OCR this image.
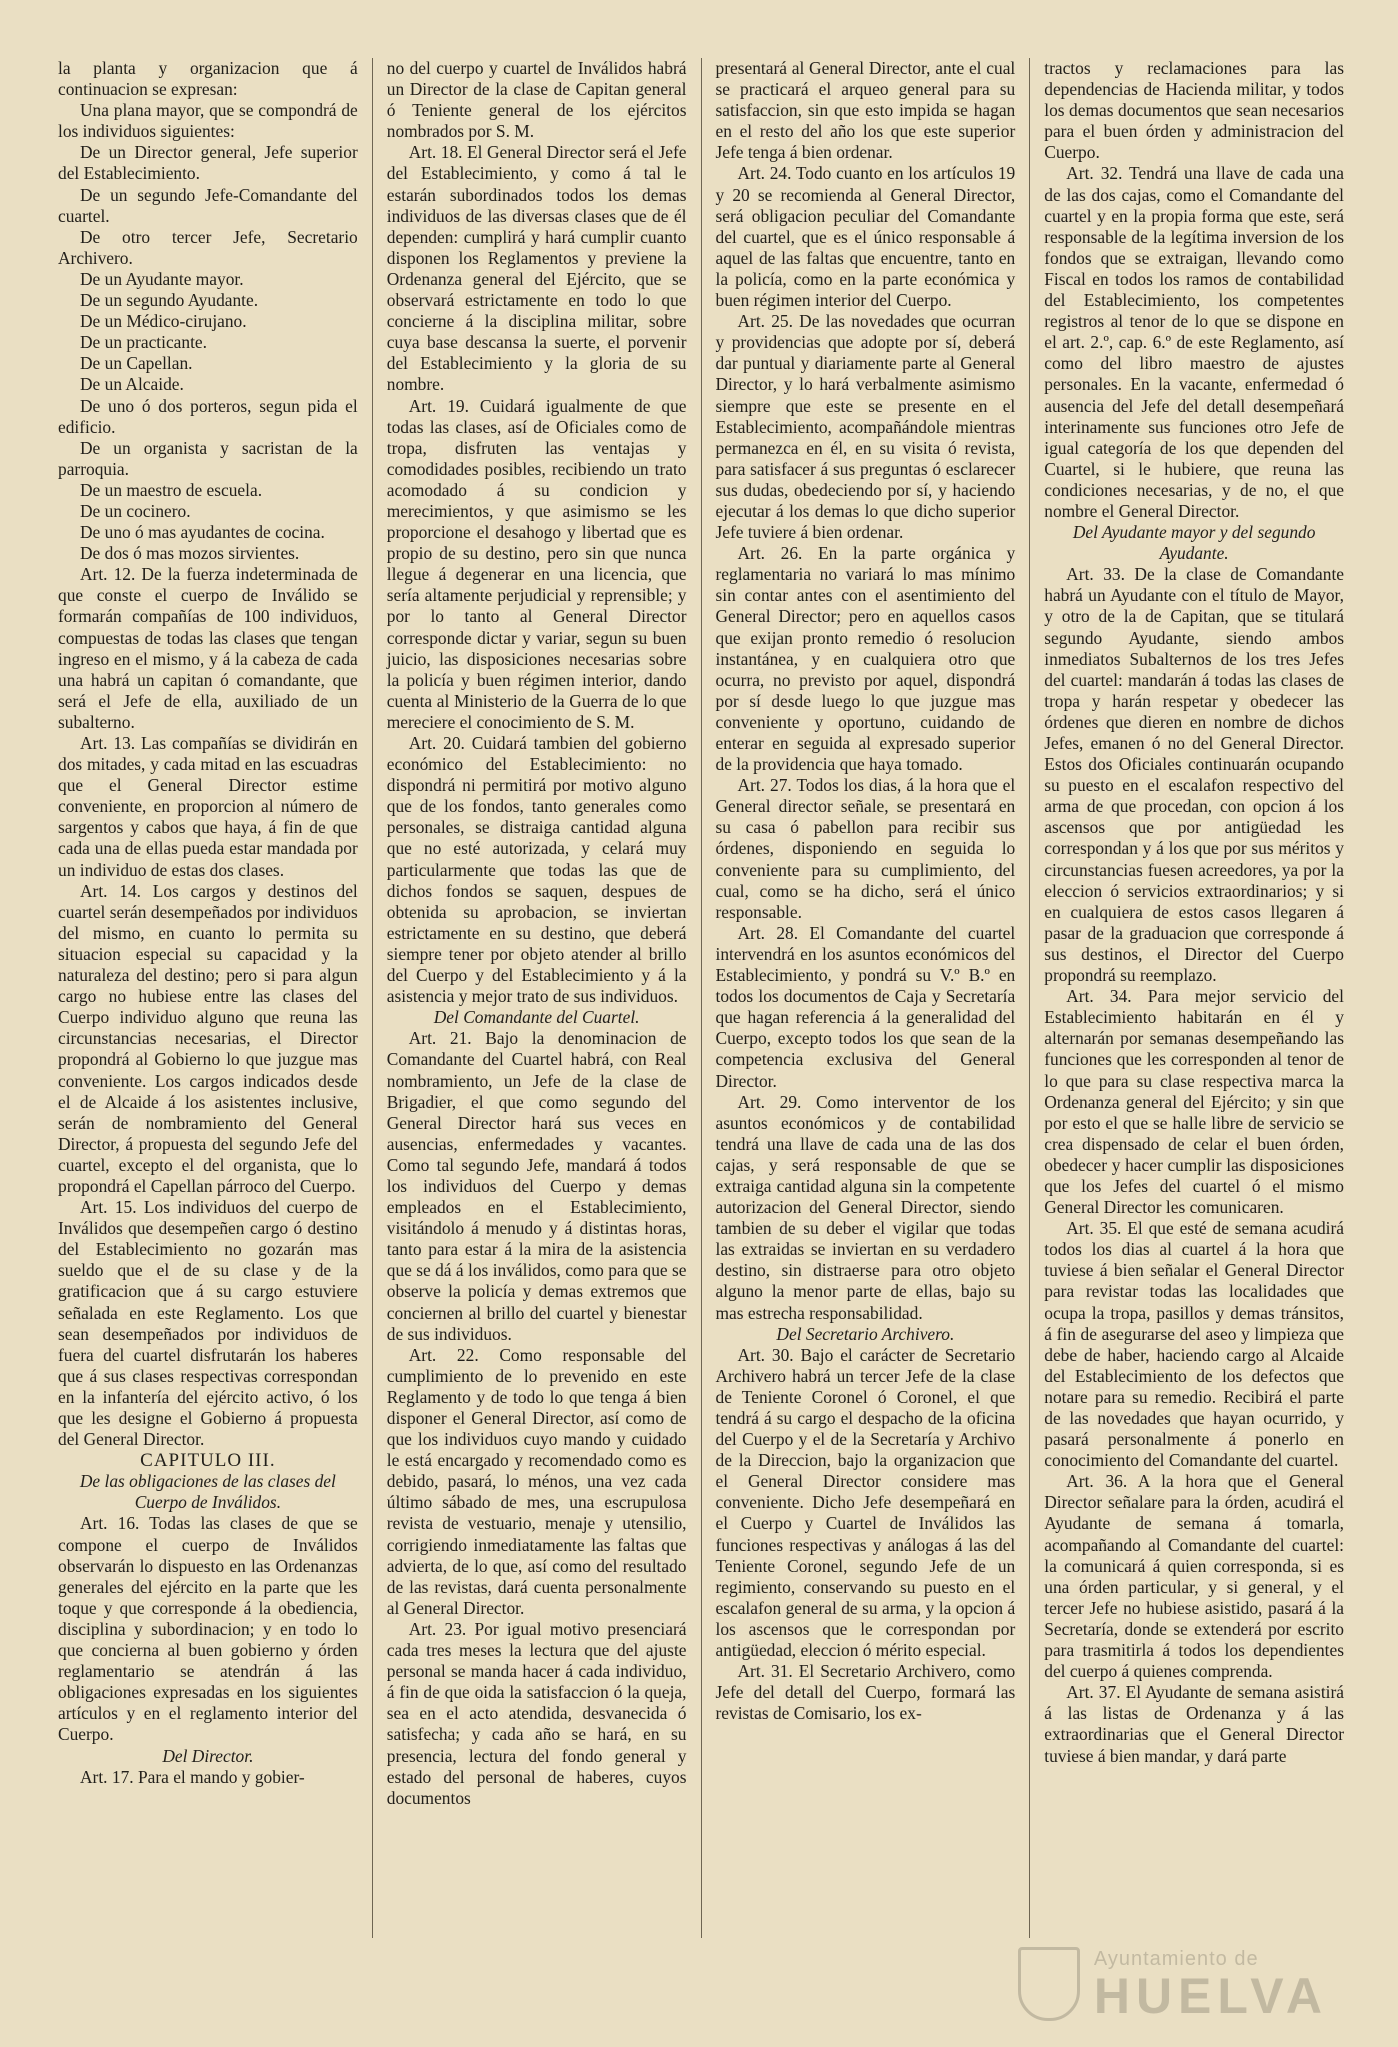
la planta y organizacion que á continuacion se expresan:

Una plana mayor, que se compondrá de los individuos siguientes:

De un Director general, Jefe superior del Establecimiento.

De un segundo Jefe-Comandante del cuartel.

De otro tercer Jefe, Secretario Archivero.

De un Ayudante mayor.

De un segundo Ayudante.

De un Médico-cirujano.

De un practicante.

De un Capellan.

De un Alcaide.

De uno ó dos porteros, segun pida el edificio.

De un organista y sacristan de la parroquia.

De un maestro de escuela.

De un cocinero.

De uno ó mas ayudantes de cocina.

De dos ó mas mozos sirvientes.

Art. 12. De la fuerza indeterminada de que conste el cuerpo de Inválido se formarán compañías de 100 individuos, compuestas de todas las clases que tengan ingreso en el mismo, y á la cabeza de cada una habrá un capitan ó comandante, que será el Jefe de ella, auxiliado de un subalterno.

Art. 13. Las compañías se dividirán en dos mitades, y cada mitad en las escuadras que el General Director estime conveniente, en proporcion al número de sargentos y cabos que haya, á fin de que cada una de ellas pueda estar mandada por un individuo de estas dos clases.

Art. 14. Los cargos y destinos del cuartel serán desempeñados por individuos del mismo, en cuanto lo permita su situacion especial su capacidad y la naturaleza del destino; pero si para algun cargo no hubiese entre las clases del Cuerpo individuo alguno que reuna las circunstancias necesarias, el Director propondrá al Gobierno lo que juzgue mas conveniente. Los cargos indicados desde el de Alcaide á los asistentes inclusive, serán de nombramiento del General Director, á propuesta del segundo Jefe del cuartel, excepto el del organista, que lo propondrá el Capellan párroco del Cuerpo.

Art. 15. Los individuos del cuerpo de Inválidos que desempeñen cargo ó destino del Establecimiento no gozarán mas sueldo que el de su clase y de la gratificacion que á su cargo estuviere señalada en este Reglamento. Los que sean desempeñados por individuos de fuera del cuartel disfrutarán los haberes que á sus clases respectivas correspondan en la infantería del ejército activo, ó los que les designe el Gobierno á propuesta del General Director.

CAPITULO III.

De las obligaciones de las clases del Cuerpo de Inválidos.

Art. 16. Todas las clases de que se compone el cuerpo de Inválidos observarán lo dispuesto en las Ordenanzas generales del ejército en la parte que les toque y que corresponde á la obediencia, disciplina y subordinacion; y en todo lo que concierna al buen gobierno y órden reglamentario se atendrán á las obligaciones expresadas en los siguientes artículos y en el reglamento interior del Cuerpo.

Del Director.

Art. 17. Para el mando y gobier-

no del cuerpo y cuartel de Inválidos habrá un Director de la clase de Capitan general ó Teniente general de los ejércitos nombrados por S. M.

Art. 18. El General Director será el Jefe del Establecimiento, y como á tal le estarán subordinados todos los demas individuos de las diversas clases que de él dependen: cumplirá y hará cumplir cuanto disponen los Reglamentos y previene la Ordenanza general del Ejército, que se observará estrictamente en todo lo que concierne á la disciplina militar, sobre cuya base descansa la suerte, el porvenir del Establecimiento y la gloria de su nombre.

Art. 19. Cuidará igualmente de que todas las clases, así de Oficiales como de tropa, disfruten las ventajas y comodidades posibles, recibiendo un trato acomodado á su condicion y merecimientos, y que asimismo se les proporcione el desahogo y libertad que es propio de su destino, pero sin que nunca llegue á degenerar en una licencia, que sería altamente perjudicial y reprensible; y por lo tanto al General Director corresponde dictar y variar, segun su buen juicio, las disposiciones necesarias sobre la policía y buen régimen interior, dando cuenta al Ministerio de la Guerra de lo que mereciere el conocimiento de S. M.

Art. 20. Cuidará tambien del gobierno económico del Establecimiento: no dispondrá ni permitirá por motivo alguno que de los fondos, tanto generales como personales, se distraiga cantidad alguna que no esté autorizada, y celará muy particularmente que todas las que de dichos fondos se saquen, despues de obtenida su aprobacion, se inviertan estrictamente en su destino, que deberá siempre tener por objeto atender al brillo del Cuerpo y del Establecimiento y á la asistencia y mejor trato de sus individuos.

Del Comandante del Cuartel.

Art. 21. Bajo la denominacion de Comandante del Cuartel habrá, con Real nombramiento, un Jefe de la clase de Brigadier, el que como segundo del General Director hará sus veces en ausencias, enfermedades y vacantes. Como tal segundo Jefe, mandará á todos los individuos del Cuerpo y demas empleados en el Establecimiento, visitándolo á menudo y á distintas horas, tanto para estar á la mira de la asistencia que se dá á los inválidos, como para que se observe la policía y demas extremos que conciernen al brillo del cuartel y bienestar de sus individuos.

Art. 22. Como responsable del cumplimiento de lo prevenido en este Reglamento y de todo lo que tenga á bien disponer el General Director, así como de que los individuos cuyo mando y cuidado le está encargado y recomendado como es debido, pasará, lo ménos, una vez cada último sábado de mes, una escrupulosa revista de vestuario, menaje y utensilio, corrigiendo inmediatamente las faltas que advierta, de lo que, así como del resultado de las revistas, dará cuenta personalmente al General Director.

Art. 23. Por igual motivo presenciará cada tres meses la lectura que del ajuste personal se manda hacer á cada individuo, á fin de que oida la satisfaccion ó la queja, sea en el acto atendida, desvanecida ó satisfecha; y cada año se hará, en su presencia, lectura del fondo general y estado del personal de haberes, cuyos documentos

presentará al General Director, ante el cual se practicará el arqueo general para su satisfaccion, sin que esto impida se hagan en el resto del año los que este superior Jefe tenga á bien ordenar.

Art. 24. Todo cuanto en los artículos 19 y 20 se recomienda al General Director, será obligacion peculiar del Comandante del cuartel, que es el único responsable á aquel de las faltas que encuentre, tanto en la policía, como en la parte económica y buen régimen interior del Cuerpo.

Art. 25. De las novedades que ocurran y providencias que adopte por sí, deberá dar puntual y diariamente parte al General Director, y lo hará verbalmente asimismo siempre que este se presente en el Establecimiento, acompañándole mientras permanezca en él, en su visita ó revista, para satisfacer á sus preguntas ó esclarecer sus dudas, obedeciendo por sí, y haciendo ejecutar á los demas lo que dicho superior Jefe tuviere á bien ordenar.

Art. 26. En la parte orgánica y reglamentaria no variará lo mas mínimo sin contar antes con el asentimiento del General Director; pero en aquellos casos que exijan pronto remedio ó resolucion instantánea, y en cualquiera otro que ocurra, no previsto por aquel, dispondrá por sí desde luego lo que juzgue mas conveniente y oportuno, cuidando de enterar en seguida al expresado superior de la providencia que haya tomado.

Art. 27. Todos los dias, á la hora que el General director señale, se presentará en su casa ó pabellon para recibir sus órdenes, disponiendo en seguida lo conveniente para su cumplimiento, del cual, como se ha dicho, será el único responsable.

Art. 28. El Comandante del cuartel intervendrá en los asuntos económicos del Establecimiento, y pondrá su V.º B.º en todos los documentos de Caja y Secretaría que hagan referencia á la generalidad del Cuerpo, excepto todos los que sean de la competencia exclusiva del General Director.

Art. 29. Como interventor de los asuntos económicos y de contabilidad tendrá una llave de cada una de las dos cajas, y será responsable de que se extraiga cantidad alguna sin la competente autorizacion del General Director, siendo tambien de su deber el vigilar que todas las extraidas se inviertan en su verdadero destino, sin distraerse para otro objeto alguno la menor parte de ellas, bajo su mas estrecha responsabilidad.

Del Secretario Archivero.

Art. 30. Bajo el carácter de Secretario Archivero habrá un tercer Jefe de la clase de Teniente Coronel ó Coronel, el que tendrá á su cargo el despacho de la oficina del Cuerpo y el de la Secretaría y Archivo de la Direccion, bajo la organizacion que el General Director considere mas conveniente. Dicho Jefe desempeñará en el Cuerpo y Cuartel de Inválidos las funciones respectivas y análogas á las del Teniente Coronel, segundo Jefe de un regimiento, conservando su puesto en el escalafon general de su arma, y la opcion á los ascensos que le correspondan por antigüedad, eleccion ó mérito especial.

Art. 31. El Secretario Archivero, como Jefe del detall del Cuerpo, formará las revistas de Comisario, los ex-

tractos y reclamaciones para las dependencias de Hacienda militar, y todos los demas documentos que sean necesarios para el buen órden y administracion del Cuerpo.

Art. 32. Tendrá una llave de cada una de las dos cajas, como el Comandante del cuartel y en la propia forma que este, será responsable de la legítima inversion de los fondos que se extraigan, llevando como Fiscal en todos los ramos de contabilidad del Establecimiento, los competentes registros al tenor de lo que se dispone en el art. 2.º, cap. 6.º de este Reglamento, así como del libro maestro de ajustes personales. En la vacante, enfermedad ó ausencia del Jefe del detall desempeñará interinamente sus funciones otro Jefe de igual categoría de los que dependen del Cuartel, si le hubiere, que reuna las condiciones necesarias, y de no, el que nombre el General Director.

Del Ayudante mayor y del segundo Ayudante.

Art. 33. De la clase de Comandante habrá un Ayudante con el título de Mayor, y otro de la de Capitan, que se titulará segundo Ayudante, siendo ambos inmediatos Subalternos de los tres Jefes del cuartel: mandarán á todas las clases de tropa y harán respetar y obedecer las órdenes que dieren en nombre de dichos Jefes, emanen ó no del General Director. Estos dos Oficiales continuarán ocupando su puesto en el escalafon respectivo del arma de que procedan, con opcion á los ascensos que por antigüedad les correspondan y á los que por sus méritos y circunstancias fuesen acreedores, ya por la eleccion ó servicios extraordinarios; y si en cualquiera de estos casos llegaren á pasar de la graduacion que corresponde á sus destinos, el Director del Cuerpo propondrá su reemplazo.

Art. 34. Para mejor servicio del Establecimiento habitarán en él y alternarán por semanas desempeñando las funciones que les corresponden al tenor de lo que para su clase respectiva marca la Ordenanza general del Ejército; y sin que por esto el que se halle libre de servicio se crea dispensado de celar el buen órden, obedecer y hacer cumplir las disposiciones que los Jefes del cuartel ó el mismo General Director les comunicaren.

Art. 35. El que esté de semana acudirá todos los dias al cuartel á la hora que tuviese á bien señalar el General Director para revistar todas las localidades que ocupa la tropa, pasillos y demas tránsitos, á fin de asegurarse del aseo y limpieza que debe de haber, haciendo cargo al Alcaide del Establecimiento de los defectos que notare para su remedio. Recibirá el parte de las novedades que hayan ocurrido, y pasará personalmente á ponerlo en conocimiento del Comandante del cuartel.

Art. 36. A la hora que el General Director señalare para la órden, acudirá el Ayudante de semana á tomarla, acompañando al Comandante del cuartel: la comunicará á quien corresponda, si es una órden particular, y si general, y el tercer Jefe no hubiese asistido, pasará á la Secretaría, donde se extenderá por escrito para trasmitirla á todos los dependientes del cuerpo á quienes comprenda.

Art. 37. El Ayudante de semana asistirá á las listas de Ordenanza y á las extraordinarias que el General Director tuviese á bien mandar, y dará parte

Ayuntamiento de
HUELVA
